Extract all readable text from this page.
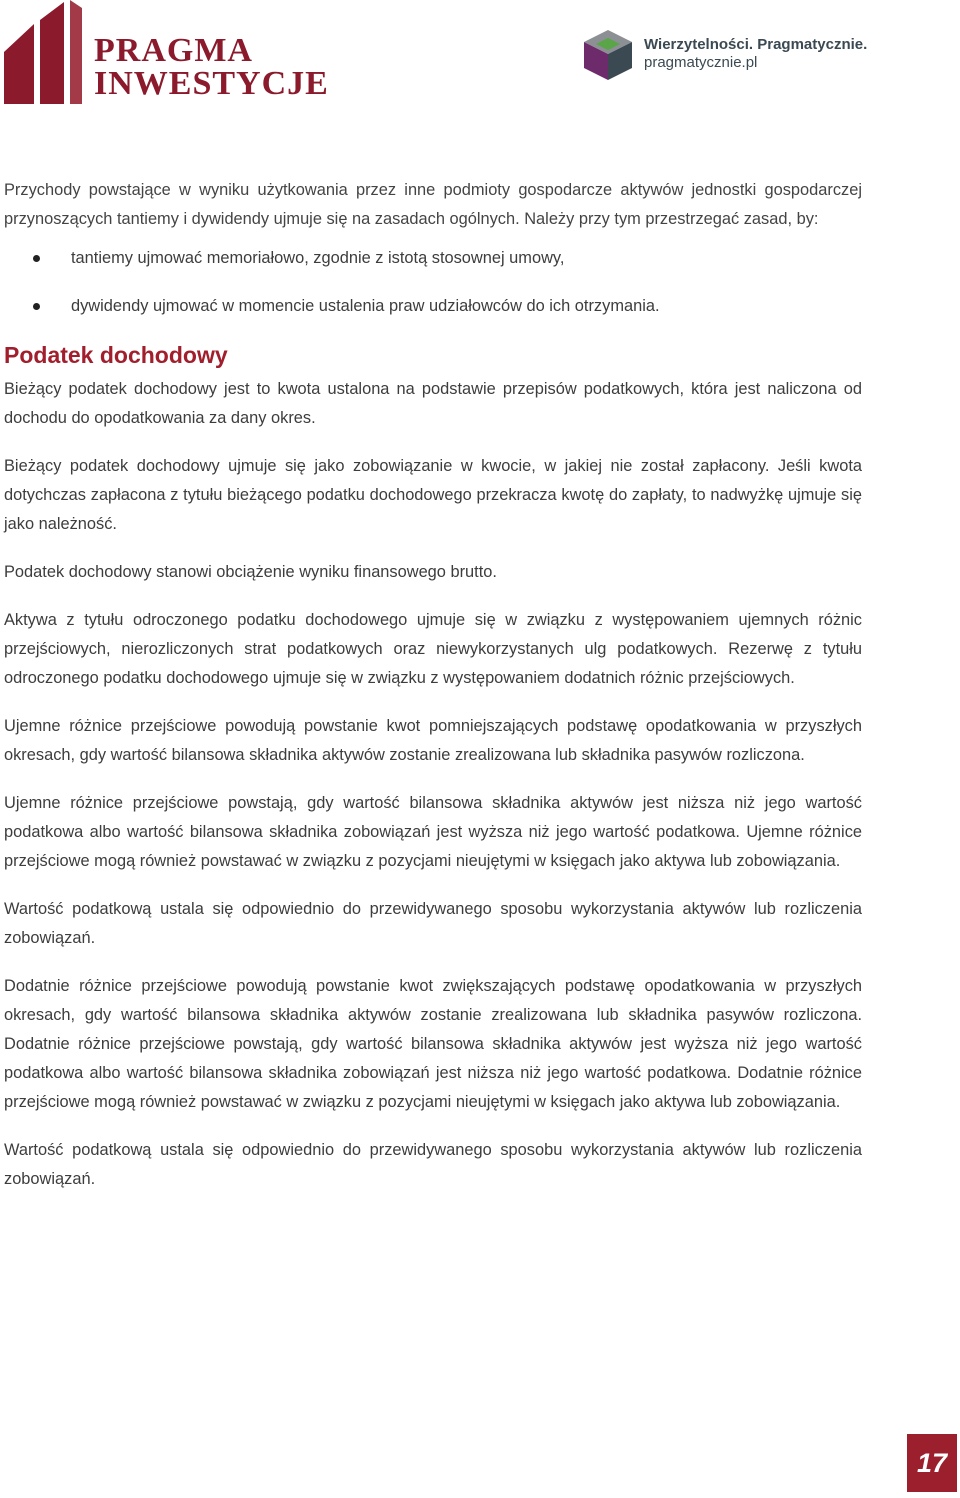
PRAGMA
INWESTYCJE
Wierzytelności. Pragmatycznie.
pragmatycznie.pl

Przychody powstające w wyniku użytkowania przez inne podmioty gospodarcze aktywów jednostki gospodarczej przynoszących tantiemy i dywidendy ujmuje się na zasadach ogólnych. Należy przy tym przestrzegać zasad, by:

tantiemy ujmować memoriałowo, zgodnie z istotą stosownej umowy,
dywidendy ujmować w momencie ustalenia praw udziałowców do ich otrzymania.
Podatek dochodowy

Bieżący podatek dochodowy jest to kwota ustalona na podstawie przepisów podatkowych, która jest naliczona od dochodu do opodatkowania za dany okres.

Bieżący podatek dochodowy ujmuje się jako zobowiązanie w kwocie, w jakiej nie został zapłacony. Jeśli kwota dotychczas zapłacona z tytułu bieżącego podatku dochodowego przekracza kwotę do zapłaty, to nadwyżkę ujmuje się jako należność.

Podatek dochodowy stanowi obciążenie wyniku finansowego brutto.

Aktywa z tytułu odroczonego podatku dochodowego ujmuje się w związku z występowaniem ujemnych różnic przejściowych, nierozliczonych strat podatkowych oraz niewykorzystanych ulg podatkowych. Rezerwę z tytułu odroczonego podatku dochodowego ujmuje się w związku z występowaniem dodatnich różnic przejściowych.

Ujemne różnice przejściowe powodują powstanie kwot pomniejszających podstawę opodatkowania w przyszłych okresach, gdy wartość bilansowa składnika aktywów zostanie zrealizowana lub składnika pasywów rozliczona.

Ujemne różnice przejściowe powstają, gdy wartość bilansowa składnika aktywów jest niższa niż jego wartość podatkowa albo wartość bilansowa składnika zobowiązań jest wyższa niż jego wartość podatkowa. Ujemne różnice przejściowe mogą również powstawać w związku z pozycjami nieujętymi w księgach jako aktywa lub zobowiązania.

Wartość podatkową ustala się odpowiednio do przewidywanego sposobu wykorzystania aktywów lub rozliczenia zobowiązań.

Dodatnie różnice przejściowe powodują powstanie kwot zwiększających podstawę opodatkowania w przyszłych okresach, gdy wartość bilansowa składnika aktywów zostanie zrealizowana lub składnika pasywów rozliczona. Dodatnie różnice przejściowe powstają, gdy wartość bilansowa składnika aktywów jest wyższa niż jego wartość podatkowa albo wartość bilansowa składnika zobowiązań jest niższa niż jego wartość podatkowa. Dodatnie różnice przejściowe mogą również powstawać w związku z pozycjami nieujętymi w księgach jako aktywa lub zobowiązania.

Wartość podatkową ustala się odpowiednio do przewidywanego sposobu wykorzystania aktywów lub rozliczenia zobowiązań.

17
